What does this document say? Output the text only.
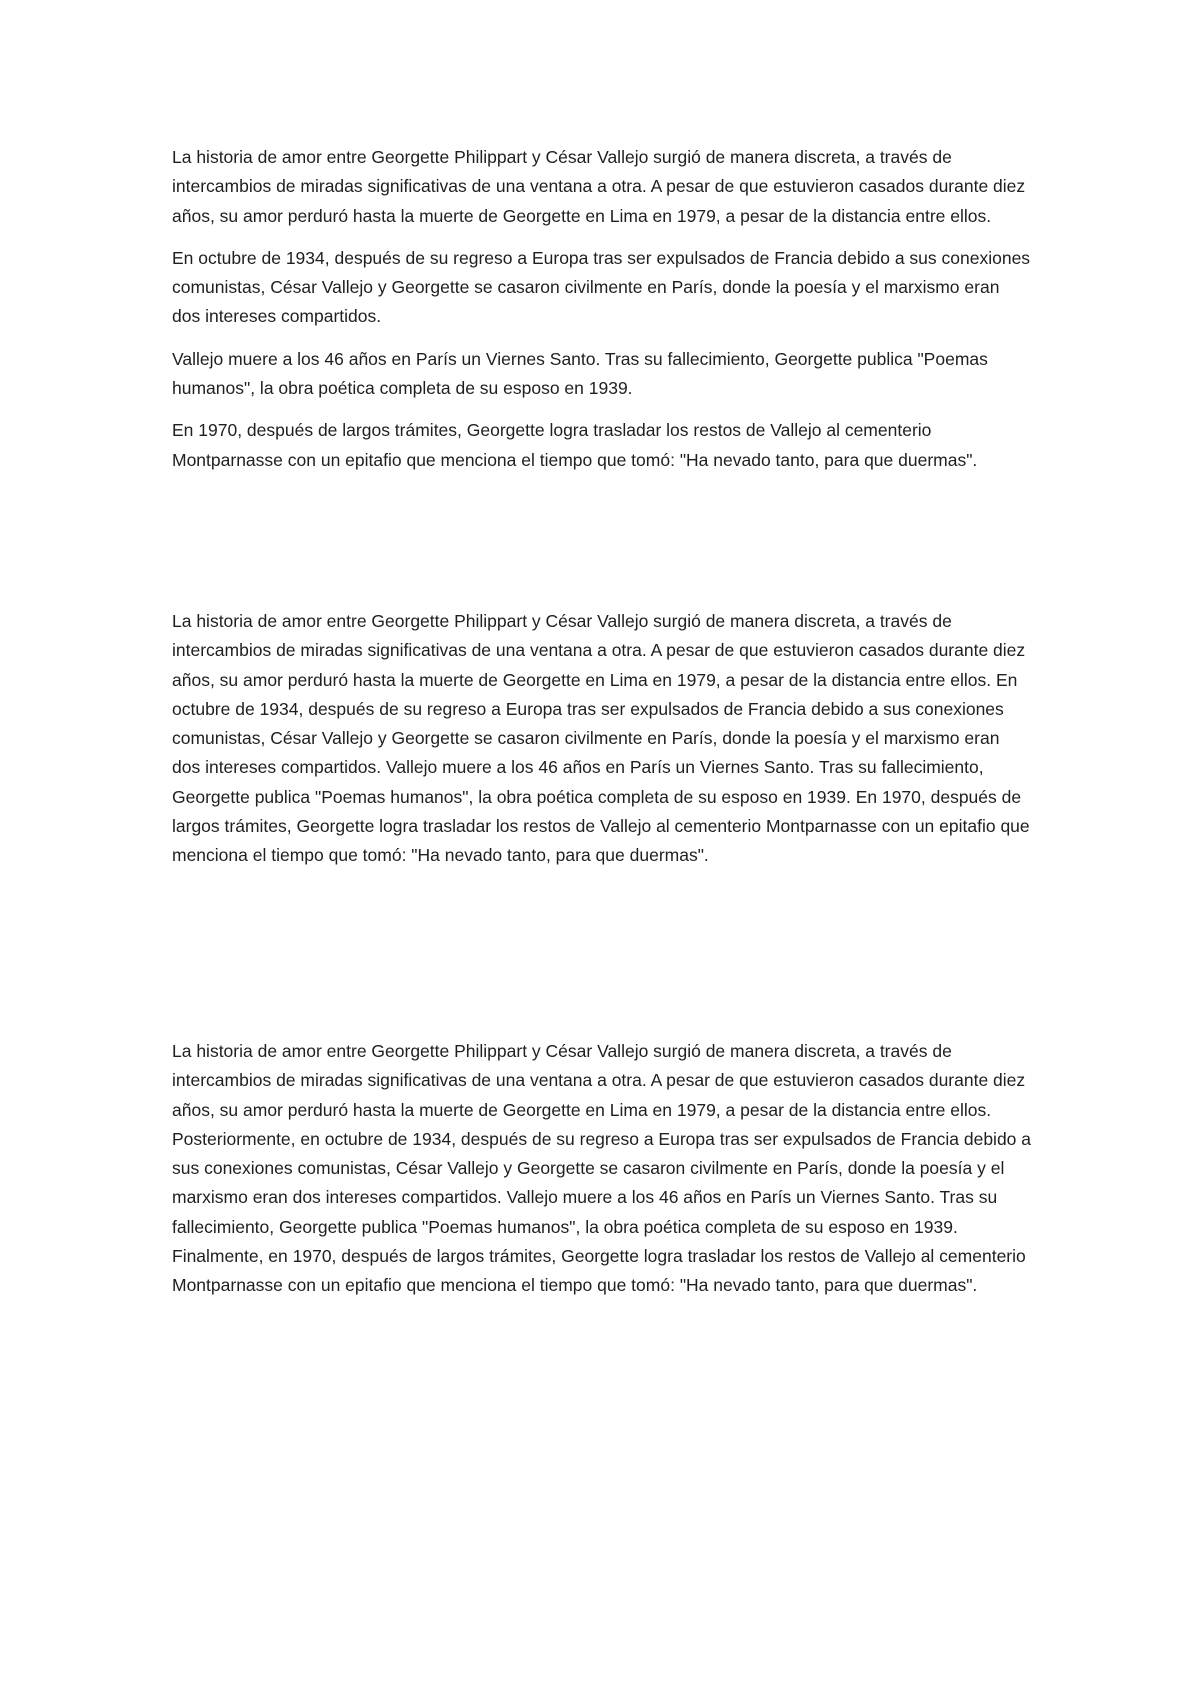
La historia de amor entre Georgette Philippart y César Vallejo surgió de manera discreta, a través de intercambios de miradas significativas de una ventana a otra. A pesar de que estuvieron casados durante diez años, su amor perduró hasta la muerte de Georgette en Lima en 1979, a pesar de la distancia entre ellos.

En octubre de 1934, después de su regreso a Europa tras ser expulsados de Francia debido a sus conexiones comunistas, César Vallejo y Georgette se casaron civilmente en París, donde la poesía y el marxismo eran dos intereses compartidos.

Vallejo muere a los 46 años en París un Viernes Santo. Tras su fallecimiento, Georgette publica "Poemas humanos", la obra poética completa de su esposo en 1939.

En 1970, después de largos trámites, Georgette logra trasladar los restos de Vallejo al cementerio Montparnasse con un epitafio que menciona el tiempo que tomó: "Ha nevado tanto, para que duermas".

La historia de amor entre Georgette Philippart y César Vallejo surgió de manera discreta, a través de intercambios de miradas significativas de una ventana a otra. A pesar de que estuvieron casados durante diez años, su amor perduró hasta la muerte de Georgette en Lima en 1979, a pesar de la distancia entre ellos. En octubre de 1934, después de su regreso a Europa tras ser expulsados de Francia debido a sus conexiones comunistas, César Vallejo y Georgette se casaron civilmente en París, donde la poesía y el marxismo eran dos intereses compartidos. Vallejo muere a los 46 años en París un Viernes Santo. Tras su fallecimiento, Georgette publica "Poemas humanos", la obra poética completa de su esposo en 1939. En 1970, después de largos trámites, Georgette logra trasladar los restos de Vallejo al cementerio Montparnasse con un epitafio que menciona el tiempo que tomó: "Ha nevado tanto, para que duermas".

La historia de amor entre Georgette Philippart y César Vallejo surgió de manera discreta, a través de intercambios de miradas significativas de una ventana a otra. A pesar de que estuvieron casados durante diez años, su amor perduró hasta la muerte de Georgette en Lima en 1979, a pesar de la distancia entre ellos. Posteriormente, en octubre de 1934, después de su regreso a Europa tras ser expulsados de Francia debido a sus conexiones comunistas, César Vallejo y Georgette se casaron civilmente en París, donde la poesía y el marxismo eran dos intereses compartidos. Vallejo muere a los 46 años en París un Viernes Santo. Tras su fallecimiento, Georgette publica "Poemas humanos", la obra poética completa de su esposo en 1939. Finalmente, en 1970, después de largos trámites, Georgette logra trasladar los restos de Vallejo al cementerio Montparnasse con un epitafio que menciona el tiempo que tomó: "Ha nevado tanto, para que duermas".
